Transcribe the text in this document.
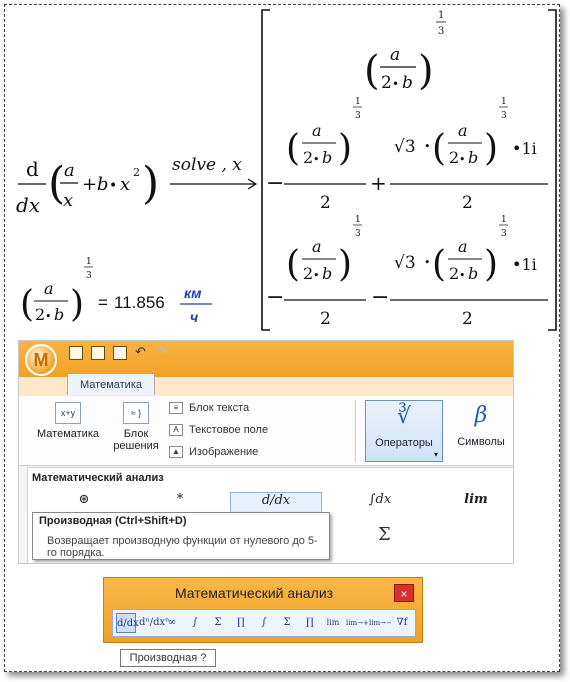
d
dx (
a
x
+ b • x
2 ) solve , x
( a
2 • b )
1
3
−
( a
2 • b )
1
3
2
+
√3 • ( a
2 • b )
1
3
•1i
2
−
( a
2 • b )
1
3
2
−
√3 • ( a
2 • b )
1
3
•1i
2
( a
2 • b )
1
3
= 11.856 км
ч
M	↶ ↷
Математика
x+y
Математика
≈ }
Блок
решения
≡ Блок текста
A Текстовое поле
▲ Изображение
∛
Операторы
▾
β
Символы
Математический анализ
⊛	*	d/dx	∫dx	lim
Σ
Производная (Ctrl+Shift+D)
Возвращает производную функции от нулевого до 5-го порядка.
Математический анализ	×
d/dx dⁿ/dxⁿ
∞	∫	Σ	∏	∫	Σ	∏	lim lim→+ lim→− ∇f
Производная ?
